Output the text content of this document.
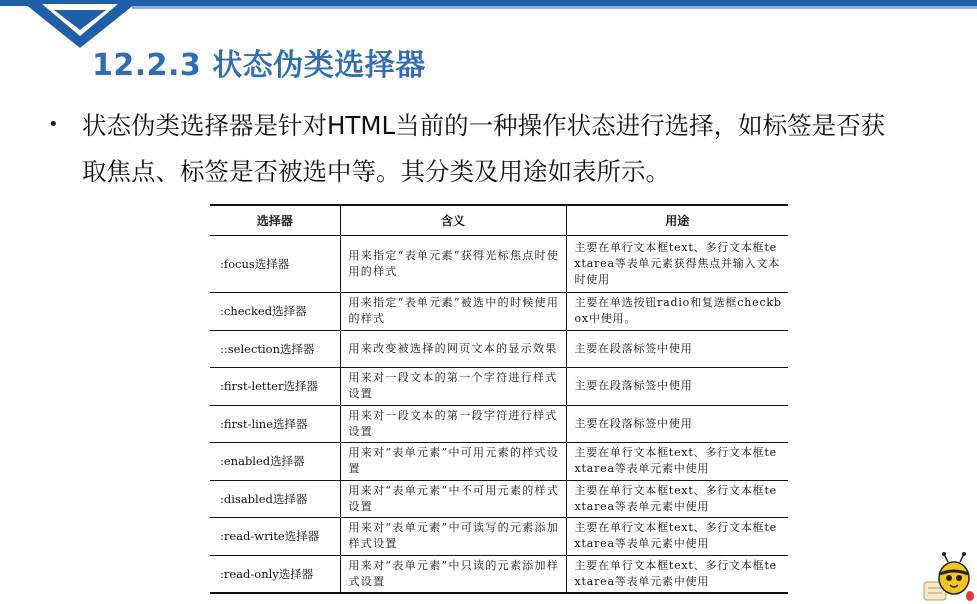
12.2.3 状态伪类选择器
• 状态伪类选择器是针对HTML当前的一种操作状态进行选择，如标签是否获
取焦点、标签是否被选中等。其分类及用途如表所示。

选择器	含义	用途
:focus选择器	用来指定“表单元素”获得光标焦点时使用的样式	主要在单行文本框text、多行文本框textarea等表单元素获得焦点并输入文本时使用
:checked选择器	用来指定“表单元素”被选中的时候使用的样式	主要在单选按钮radio和复选框checkbox中使用。
::selection选择器	用来改变被选择的网页文本的显示效果	主要在段落标签中使用
:first-letter选择器	用来对一段文本的第一个字符进行样式设置	主要在段落标签中使用
:first-line选择器	用来对一段文本的第一段字符进行样式设置	主要在段落标签中使用
:enabled选择器	用来对“表单元素”中可用元素的样式设置	主要在单行文本框text、多行文本框textarea等表单元素中使用
:disabled选择器	用来对“表单元素”中不可用元素的样式设置	主要在单行文本框text、多行文本框textarea等表单元素中使用
:read-write选择器	用来对“表单元素”中可读写的元素添加样式设置	主要在单行文本框text、多行文本框textarea等表单元素中使用
:read-only选择器	用来对“表单元素”中只读的元素添加样式设置	主要在单行文本框text、多行文本框textarea等表单元素中使用
